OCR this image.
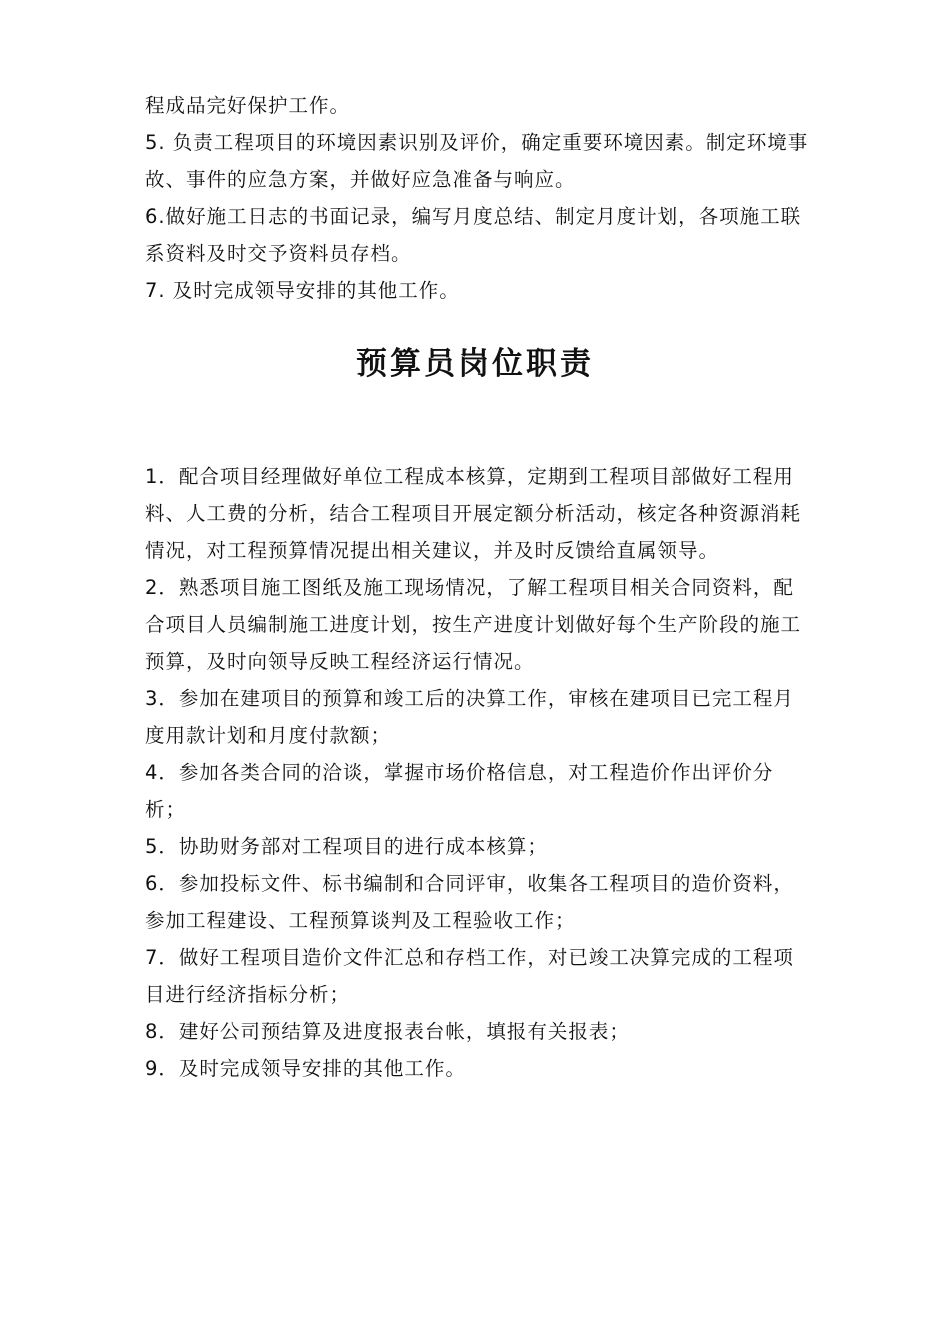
程成品完好保护工作。

5. 负责工程项目的环境因素识别及评价，确定重要环境因素。制定环境事故、事件的应急方案，并做好应急准备与响应。

6.做好施工日志的书面记录，编写月度总结、制定月度计划，各项施工联系资料及时交予资料员存档。

7. 及时完成领导安排的其他工作。

预算员岗位职责

1．配合项目经理做好单位工程成本核算，定期到工程项目部做好工程用料、人工费的分析，结合工程项目开展定额分析活动，核定各种资源消耗情况，对工程预算情况提出相关建议，并及时反馈给直属领导。

2．熟悉项目施工图纸及施工现场情况，了解工程项目相关合同资料，配合项目人员编制施工进度计划，按生产进度计划做好每个生产阶段的施工预算，及时向领导反映工程经济运行情况。

3．参加在建项目的预算和竣工后的决算工作，审核在建项目已完工程月度用款计划和月度付款额；

4．参加各类合同的洽谈，掌握市场价格信息，对工程造价作出评价分析；

5．协助财务部对工程项目的进行成本核算；

6．参加投标文件、标书编制和合同评审，收集各工程项目的造价资料，参加工程建设、工程预算谈判及工程验收工作；

7．做好工程项目造价文件汇总和存档工作，对已竣工决算完成的工程项目进行经济指标分析；

8．建好公司预结算及进度报表台帐，填报有关报表；

9．及时完成领导安排的其他工作。
